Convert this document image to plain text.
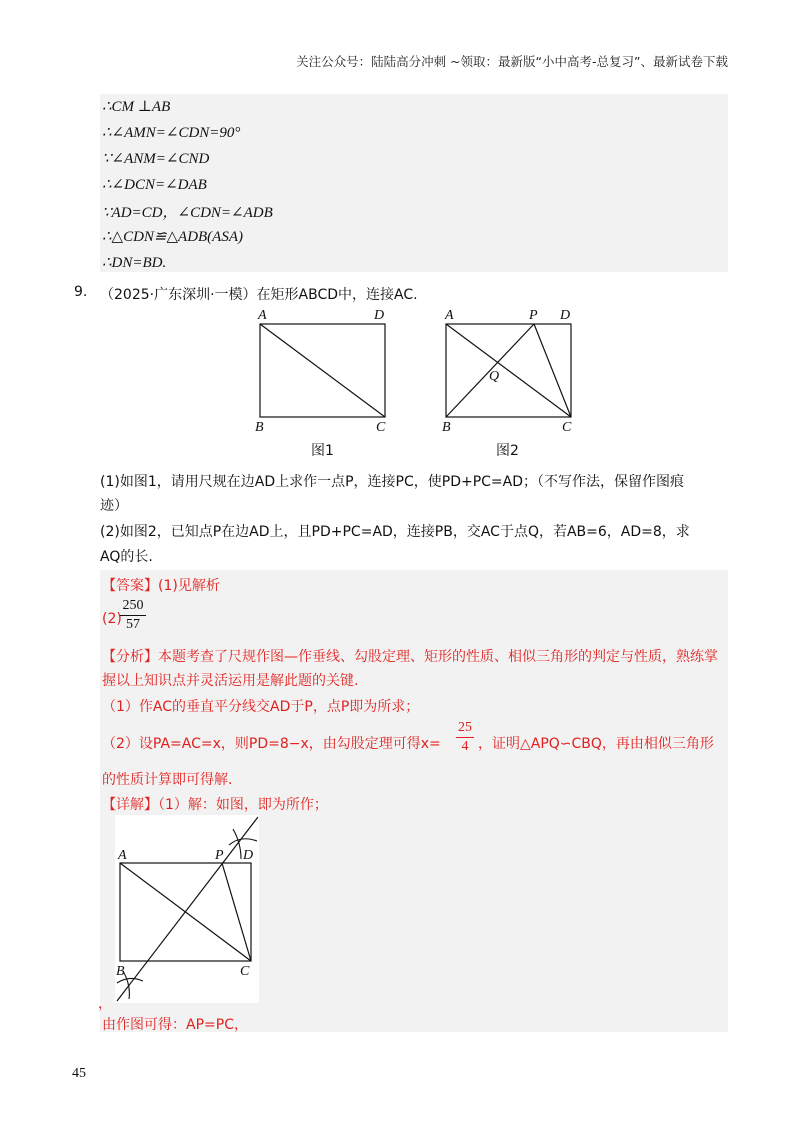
关注公众号：陆陆高分冲刺 ~领取：最新版“小中高考-总复习”、最新试卷下载
∴CM ⊥AB
∴∠AMN=∠CDN=90°
∵∠ANM=∠CND
∴∠DCN=∠DAB
∵AD=CD，∠CDN=∠ADB
∴△CDN≌△ADB(ASA)
∴DN=BD.
9. （2025·广东深圳·一模）在矩形ABCD中，连接AC.
A	D
B	C
图1
A	P D
Q
B	C
图2
(1)如图1，请用尺规在边AD上求作一点P，连接PC，使PD+PC=AD；（不写作法，保留作图痕
迹）
(2)如图2，已知点P在边AD上，且PD+PC=AD，连接PB，交AC于点Q，若AB=6，AD=8，求
AQ的长.
【答案】(1)见解析
(2)
250
57
【分析】本题考查了尺规作图—作垂线、勾股定理、矩形的性质、相似三角形的判定与性质，熟练掌
握以上知识点并灵活运用是解此题的关键.
（1）作AC的垂直平分线交AD于P，点P即为所求；
（2）设PA=AC=x，则PD=8−x，由勾股定理可得x=
25
4 ，证明△APQ∽CBQ，再由相似三角形
的性质计算即可得解.
【详解】（1）解：如图，即为所作；
A	P D
B	C
，
由作图可得：AP=PC，
45
